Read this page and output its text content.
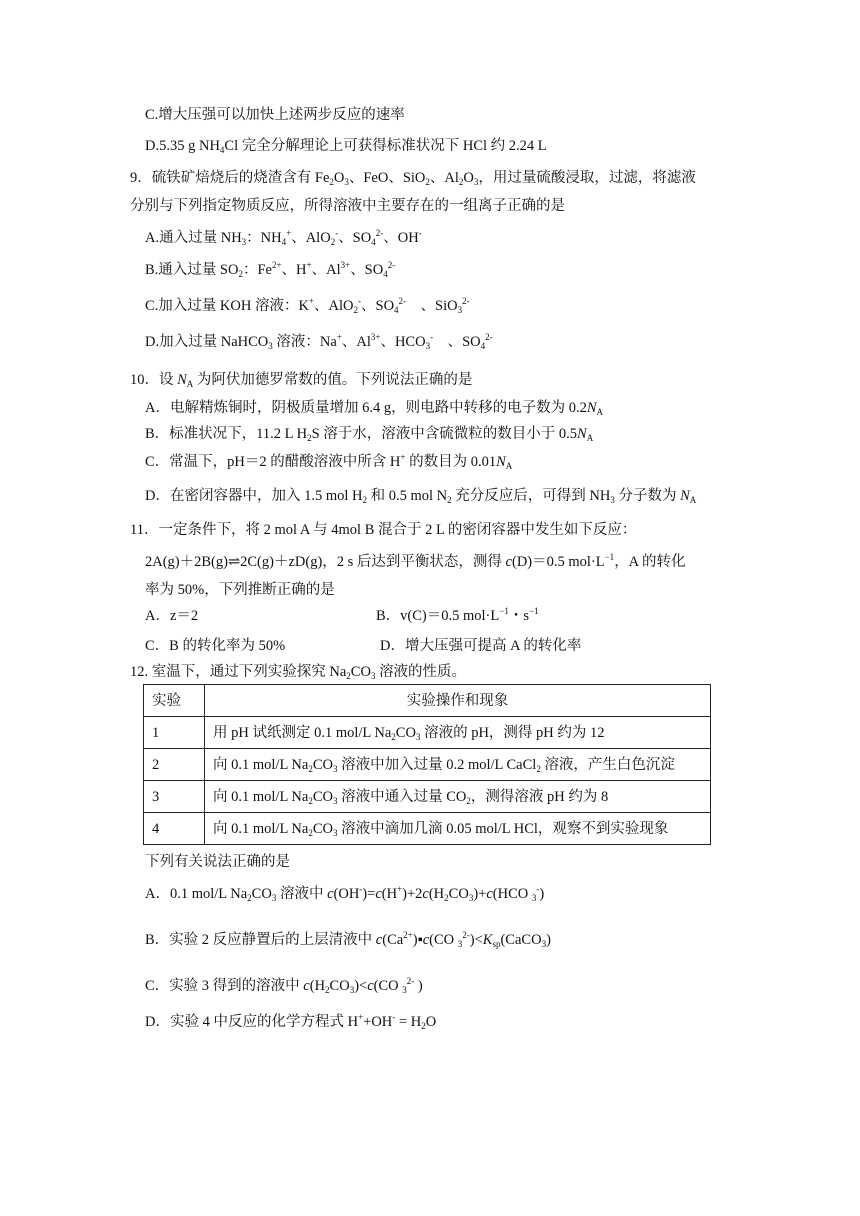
C.增大压强可以加快上述两步反应的速率
D.5.35 g $NH_4Cl$ 完全分解理论上可获得标准状况下 HCl 约 2.24 L
9．硫铁矿焙烧后的烧渣含有 $Fe_2O_3$、FeO、SiO$_2$、$Al_2O_3$，用过量硫酸浸取，过滤，将滤液
分别与下列指定物质反应，所得溶液中主要存在的一组离子正确的是
A.通入过量 $NH_3$：$NH_4^+$、AlO$_2$-、$SO_4^{2-}$、OH-
B.通入过量 $SO_2$：$Fe^{2+}$、H+、$Al^{3+}$、$SO_4^{2-}$
C.加入过量 KOH 溶液：K+、AlO$_2$-、$SO_4^{2-}$　、SiO$_3^{2-}$
D.加入过量 NaHCO$_3$ 溶液：Na+、$Al^{3+}$、$HCO_3^-$　、$SO_4^{2-}$
10．设 $N_A$ 为阿伏加德罗常数的值。下列说法正确的是
A．电解精炼铜时，阴极质量增加 6.4 g，则电路中转移的电子数为 $0.2N_A$
B．标准状况下，11.2 L $H_2S$ 溶于水，溶液中含硫微粒的数目小于 $0.5N_A$
C．常温下，pH＝2 的醋酸溶液中所含 H+ 的数目为 $0.01N_A$
D．在密闭容器中，加入 1.5 mol $H_2$ 和 0.5 mol $N_2$ 充分反应后，可得到 $NH_3$ 分子数为 $N_A$
11．一定条件下，将 2 mol A 与 4mol B 混合于 2 L 的密闭容器中发生如下反应：
2A(g)＋2B(g)⇌2C(g)＋zD(g)，2 s 后达到平衡状态，测得 c(D)＝0.5 $mol\cdot L^{-1}$，A 的转化
率为 50%，下列推断正确的是
A．z＝2	B．v(C)＝0.5 $mol\cdot L^{-1}$・$s^{-1}$
C．B 的转化率为 50%	D．增大压强可提高 A 的转化率
12. 室温下，通过下列实验探究 $Na_2CO_3$ 溶液的性质。
实验	实验操作和现象
1	用 pH 试纸测定 0.1 mol/L $Na_2CO_3$ 溶液的 pH，测得 pH 约为 12
2	向 0.1 mol/L $Na_2CO_3$ 溶液中加入过量 0.2 mol/L CaCl$_2$ 溶液，产生白色沉淀
3	向 0.1 mol/L $Na_2CO_3$ 溶液中通入过量 $CO_2$，测得溶液 pH 约为 8
4	向 0.1 mol/L $Na_2CO_3$ 溶液中滴加几滴 0.05 mol/L HCl，观察不到实验现象
下列有关说法正确的是
A．0.1 mol/L $Na_2CO_3$ 溶液中 $c(OH^-)=c(H^+)+2c(H_2CO_3)+c(HCO$ $_3$-)
B．实验 2 反应静置后的上层清液中 $c(Ca^{2+})▪c(CO$ $_3^{2-})<K_{sp}(CaCO_3)$
C．实验 3 得到的溶液中 $c(H_2CO_3)<c(CO$ $_3^{2-}$ )
D．实验 4 中反应的化学方程式 $H^++OH^- = H_2O$
